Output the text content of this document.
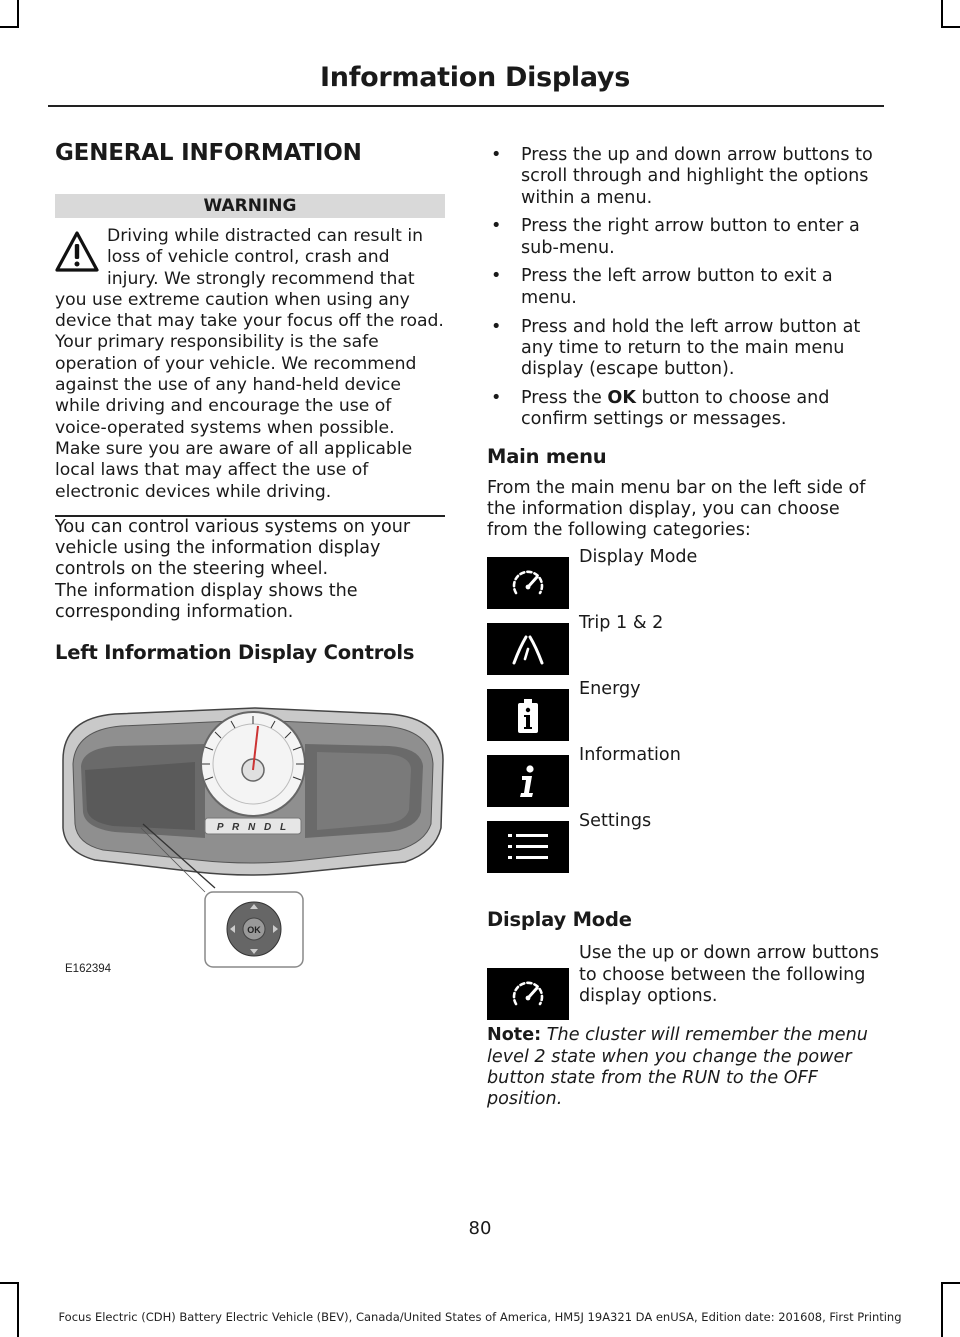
Information Displays
GENERAL INFORMATION
WARNING
Driving while distracted can result in loss of vehicle control, crash and injury. We strongly recommend that you use extreme caution when using any device that may take your focus off the road. Your primary responsibility is the safe operation of your vehicle. We recommend against the use of any hand-held device while driving and encourage the use of voice-operated systems when possible. Make sure you are aware of all applicable local laws that may affect the use of electronic devices while driving.

You can control various systems on your vehicle using the information display controls on the steering wheel.

The information display shows the corresponding information.

Left Information Display Controls
P R N D L
OK
E162394
• Press the up and down arrow buttons to scroll through and highlight the options within a menu.
• Press the right arrow button to enter a sub-menu.
• Press the left arrow button to exit a menu.
• Press and hold the left arrow button at any time to return to the main menu display (escape button).
• Press the OK button to choose and confirm settings or messages.
Main menu

From the main menu bar on the left side of the information display, you can choose from the following categories:

Display Mode
Trip 1 & 2
Energy
Information
Settings
Display Mode
Use the up or down arrow buttons to choose between the following display options.
Note: The cluster will remember the menu level 2 state when you change the power button state from the RUN to the OFF position.
80
Focus Electric (CDH) Battery Electric Vehicle (BEV), Canada/United States of America, HM5J 19A321 DA enUSA, Edition date: 201608, First Printing
